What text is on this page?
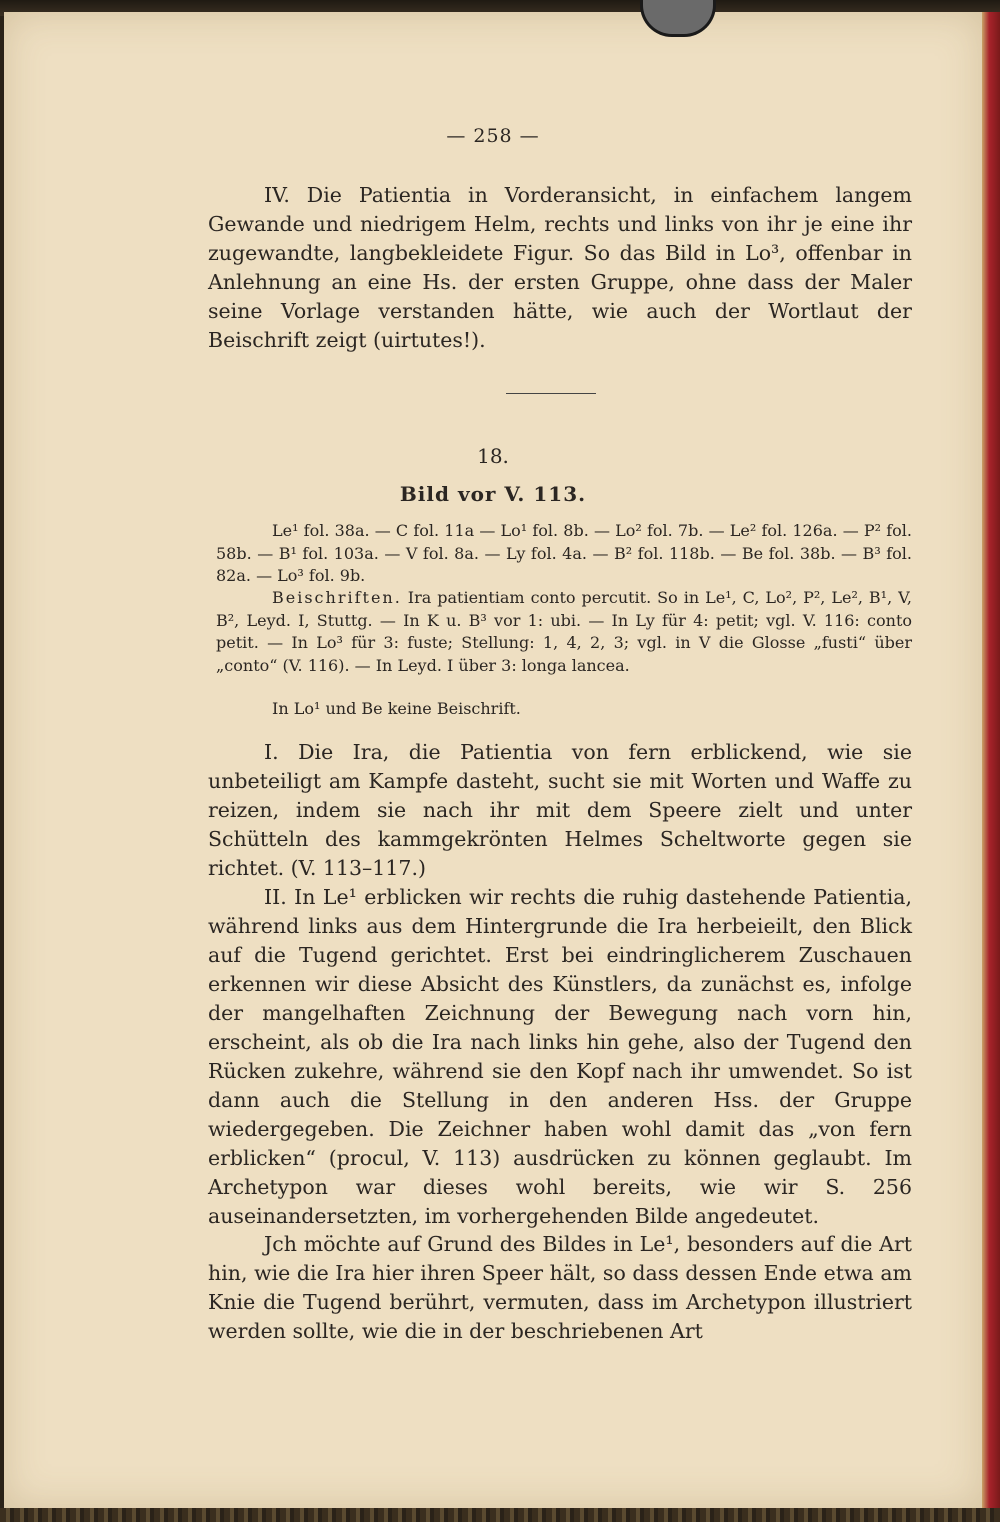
— 258 —
IV. Die Patientia in Vorderansicht, in einfachem langem Gewande und niedrigem Helm, rechts und links von ihr je eine ihr zugewandte, langbekleidete Figur. So das Bild in Lo³, offenbar in Anlehnung an eine Hs. der ersten Gruppe, ohne dass der Maler seine Vorlage verstanden hätte, wie auch der Wortlaut der Beischrift zeigt (uirtutes!).
18.
Bild vor V. 113.
Le¹ fol. 38a. — C fol. 11a — Lo¹ fol. 8b. — Lo² fol. 7b. — Le² fol. 126a. — P² fol. 58b. — B¹ fol. 103a. — V fol. 8a. — Ly fol. 4a. — B² fol. 118b. — Be fol. 38b. — B³ fol. 82a. — Lo³ fol. 9b.
Beischriften. Ira patientiam conto percutit. So in Le¹, C, Lo², P², Le², B¹, V, B², Leyd. I, Stuttg. — In K u. B³ vor 1: ubi. — In Ly für 4: petit; vgl. V. 116: conto petit. — In Lo³ für 3: fuste; Stellung: 1, 4, 2, 3; vgl. in V die Glosse „fusti“ über „conto“ (V. 116). — In Leyd. I über 3: longa lancea.
In Lo¹ und Be keine Beischrift.
I. Die Ira, die Patientia von fern erblickend, wie sie unbeteiligt am Kampfe dasteht, sucht sie mit Worten und Waffe zu reizen, indem sie nach ihr mit dem Speere zielt und unter Schütteln des kammgekrönten Helmes Scheltworte gegen sie richtet. (V. 113–117.)
II. In Le¹ erblicken wir rechts die ruhig dastehende Patientia, während links aus dem Hintergrunde die Ira herbeieilt, den Blick auf die Tugend gerichtet. Erst bei eindringlicherem Zuschauen erkennen wir diese Absicht des Künstlers, da zunächst es, infolge der mangelhaften Zeichnung der Bewegung nach vorn hin, erscheint, als ob die Ira nach links hin gehe, also der Tugend den Rücken zukehre, während sie den Kopf nach ihr umwendet. So ist dann auch die Stellung in den anderen Hss. der Gruppe wiedergegeben. Die Zeichner haben wohl damit das „von fern erblicken“ (procul, V. 113) ausdrücken zu können geglaubt. Im Archetypon war dieses wohl bereits, wie wir S. 256 auseinandersetzten, im vorhergehenden Bilde angedeutet.
Jch möchte auf Grund des Bildes in Le¹, besonders auf die Art hin, wie die Ira hier ihren Speer hält, so dass dessen Ende etwa am Knie die Tugend berührt, vermuten, dass im Archetypon illustriert werden sollte, wie die in der beschriebenen Art
